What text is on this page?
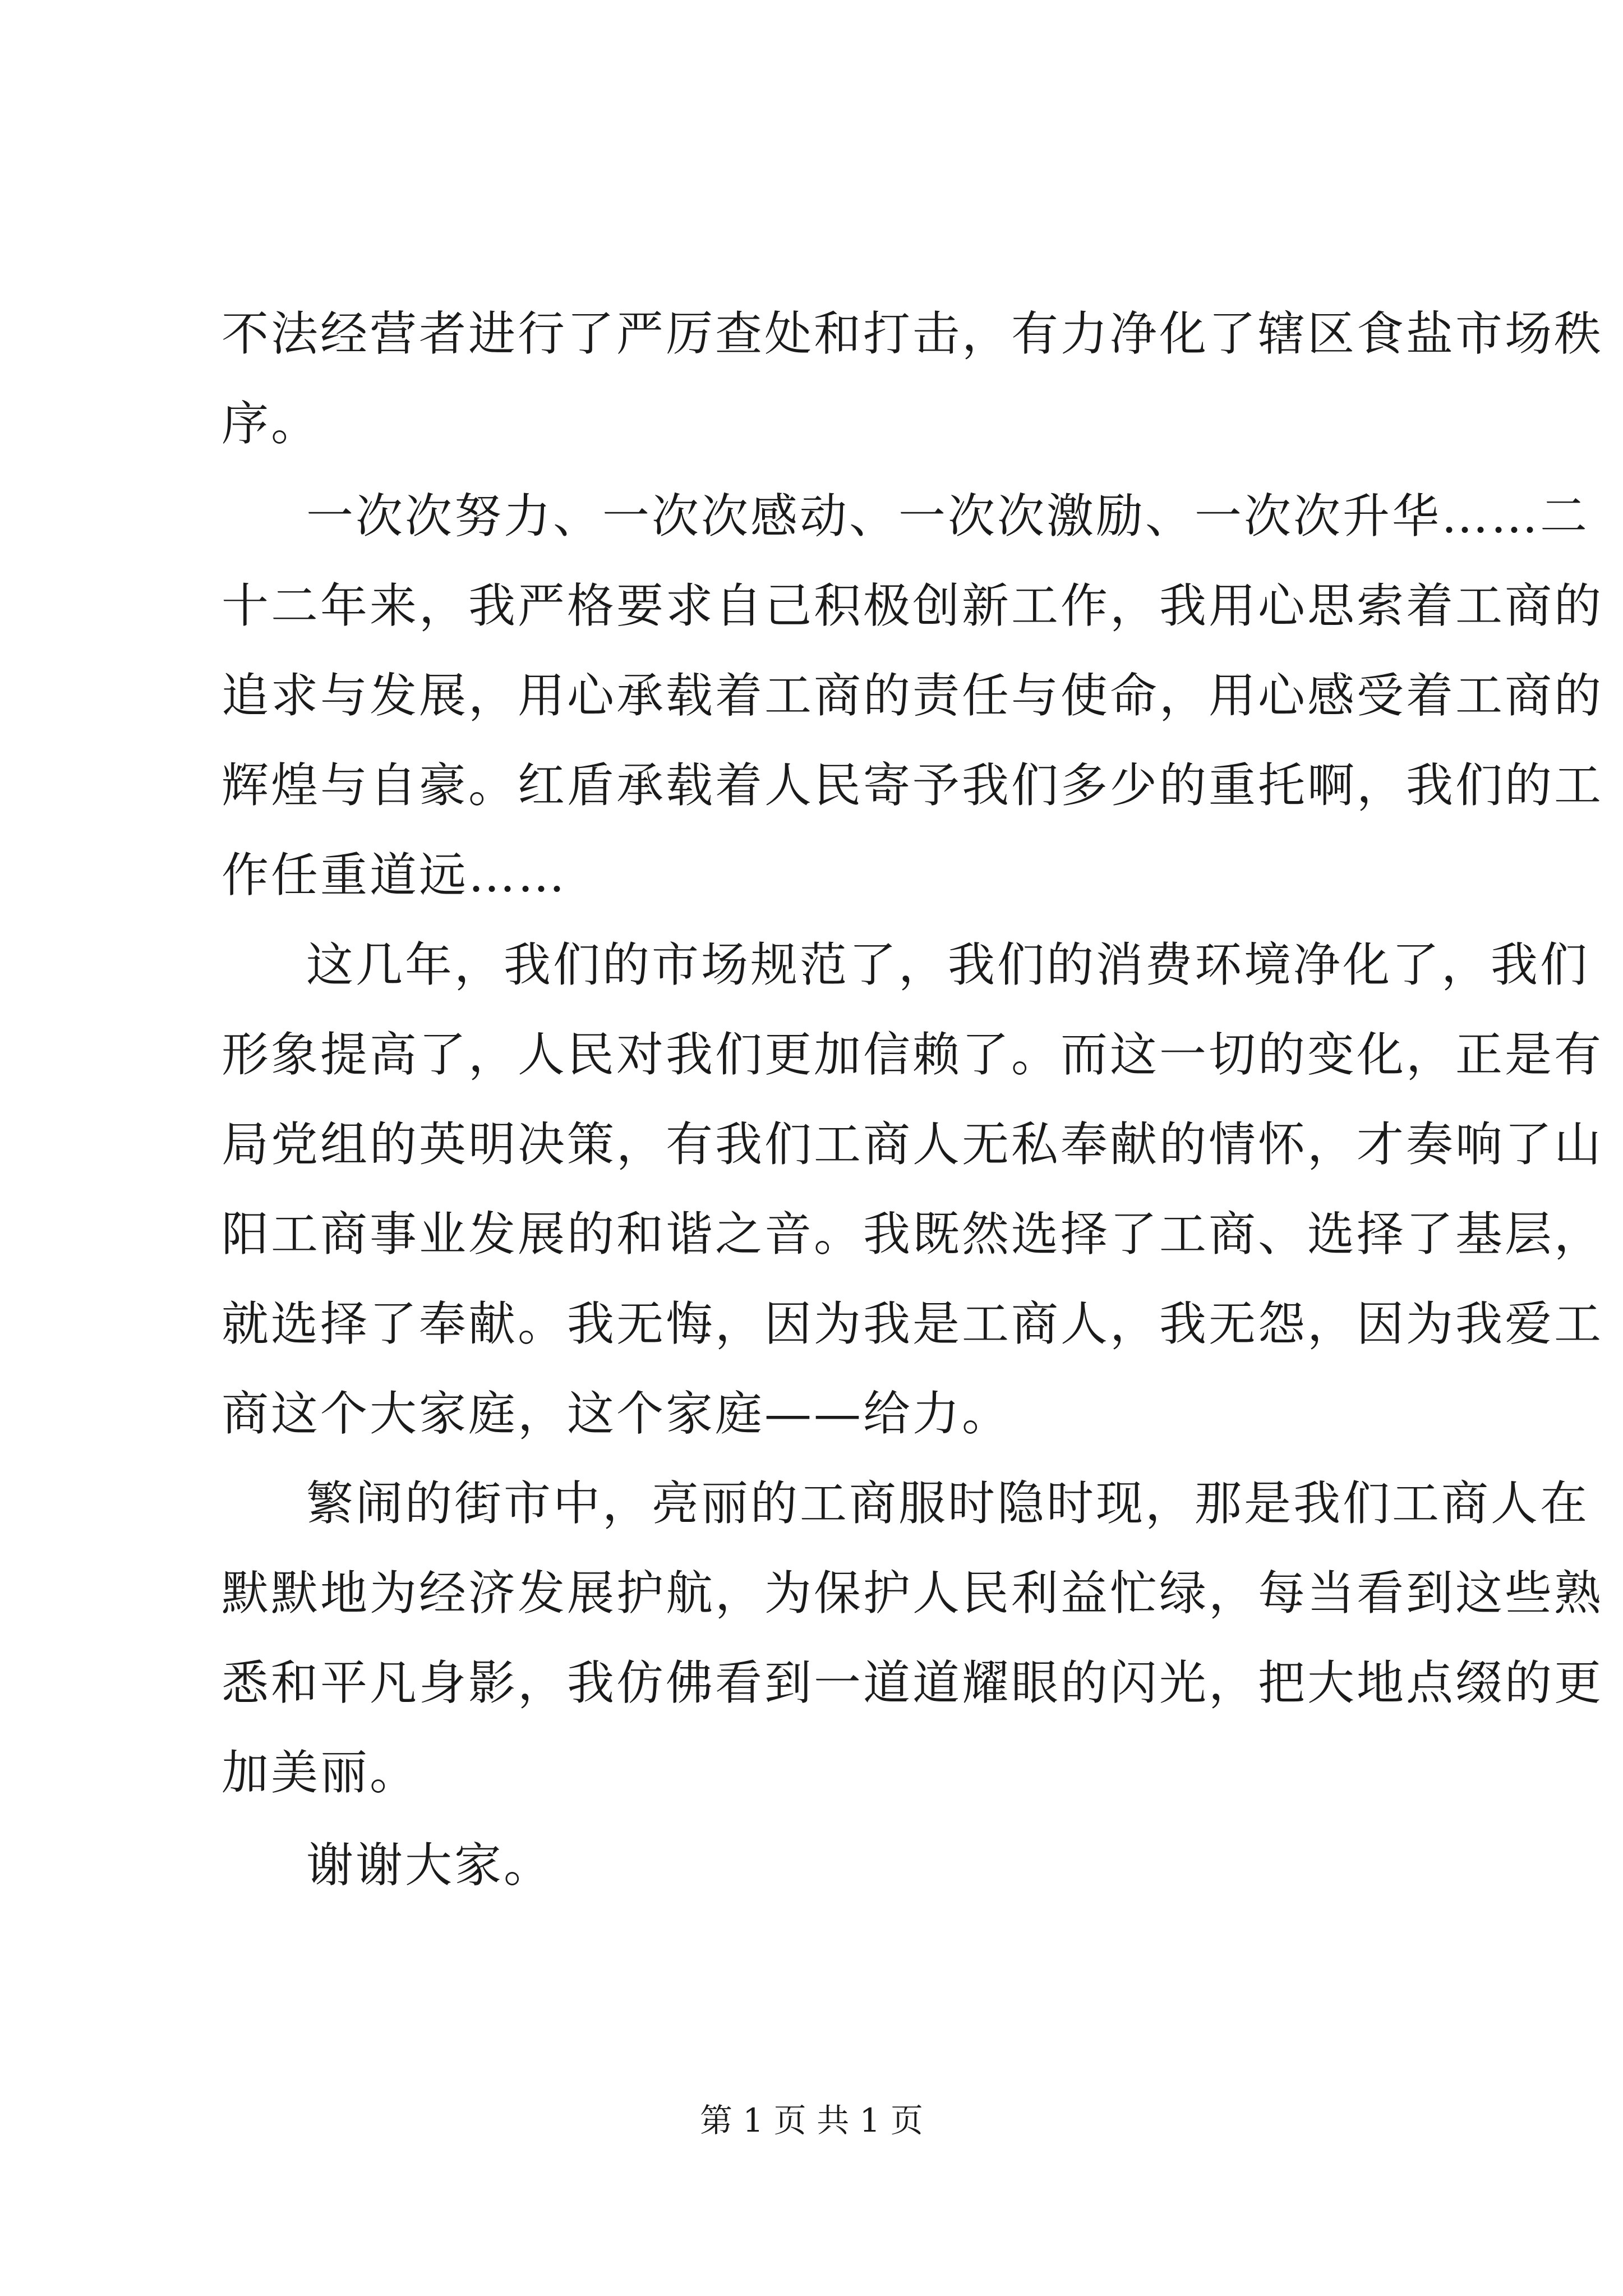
不法经营者进行了严厉查处和打击，有力净化了辖区食盐市场秩
序。
一次次努力、一次次感动、一次次激励、一次次升华……二
十二年来，我严格要求自己积极创新工作，我用心思索着工商的
追求与发展，用心承载着工商的责任与使命，用心感受着工商的
辉煌与自豪。红盾承载着人民寄予我们多少的重托啊，我们的工
作任重道远……
这几年，我们的市场规范了，我们的消费环境净化了，我们
形象提高了，人民对我们更加信赖了。而这一切的变化，正是有
局党组的英明决策，有我们工商人无私奉献的情怀，才奏响了山
阳工商事业发展的和谐之音。我既然选择了工商、选择了基层，
就选择了奉献。我无悔，因为我是工商人，我无怨，因为我爱工
商这个大家庭，这个家庭——给力。
繁闹的街市中，亮丽的工商服时隐时现，那是我们工商人在
默默地为经济发展护航，为保护人民利益忙绿，每当看到这些熟
悉和平凡身影，我仿佛看到一道道耀眼的闪光，把大地点缀的更
加美丽。
谢谢大家。
第 1 页 共 1 页
